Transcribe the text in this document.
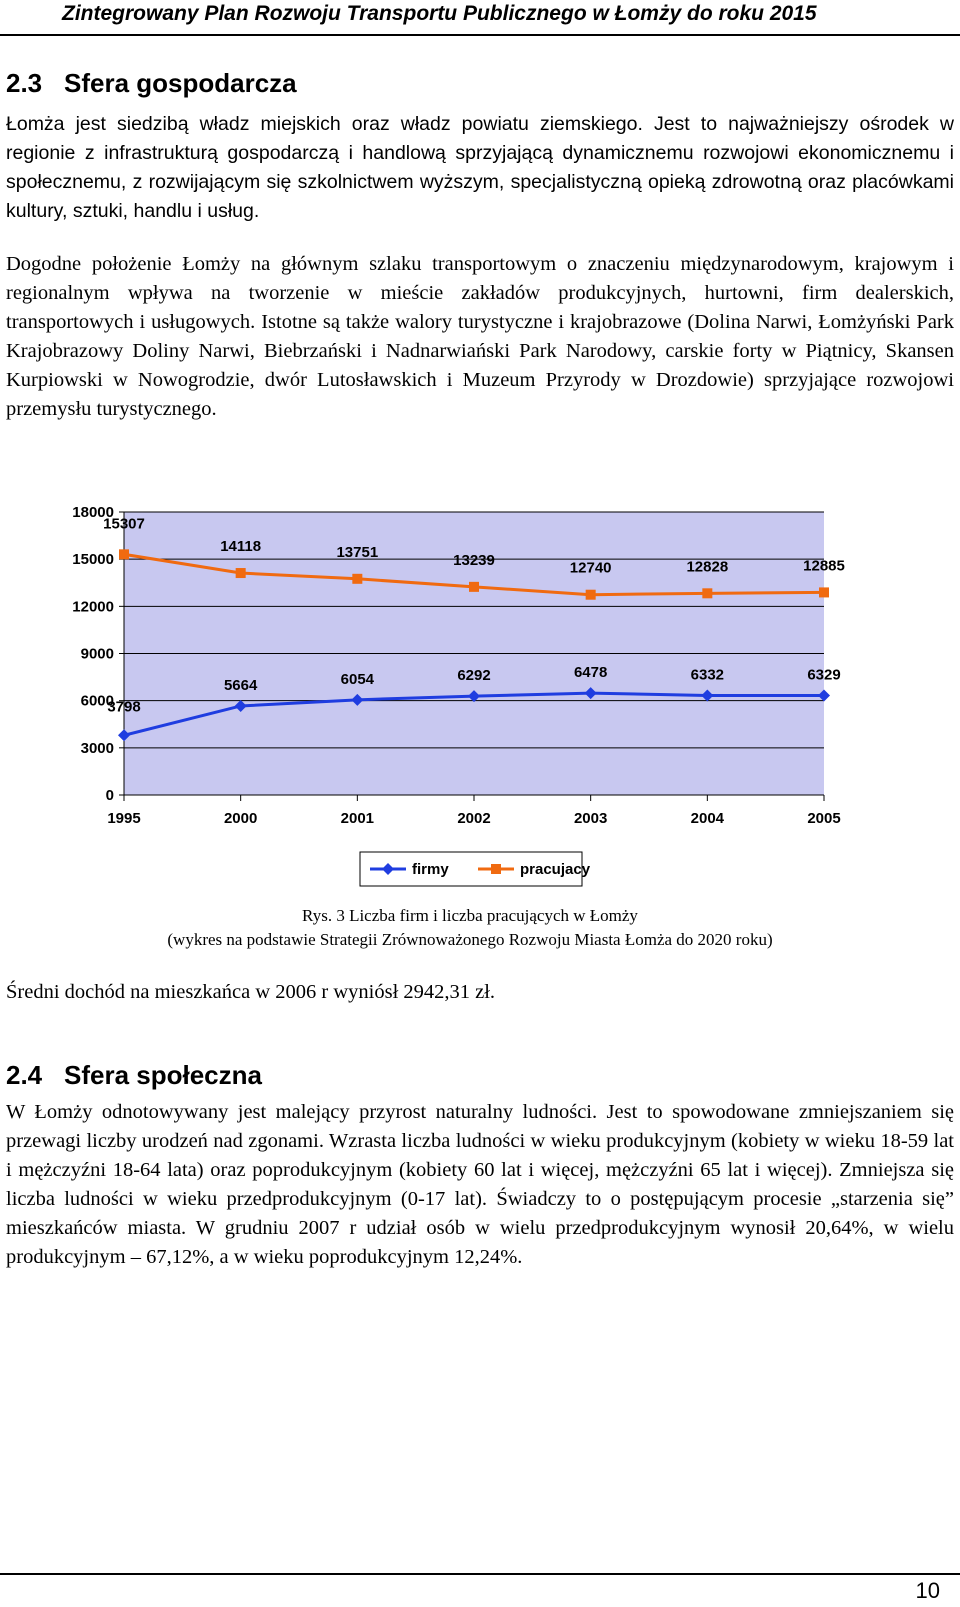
Zintegrowany Plan Rozwoju Transportu Publicznego w Łomży do roku 2015
2.3 Sfera gospodarcza
Łomża jest siedzibą władz miejskich oraz władz powiatu ziemskiego. Jest to najważniejszy ośrodek w regionie z infrastrukturą gospodarczą i handlową sprzyjającą dynamicznemu rozwojowi ekonomicznemu i społecznemu, z rozwijającym się szkolnictwem wyższym, specjalistyczną opieką zdrowotną oraz placówkami kultury, sztuki, handlu i usług.
Dogodne położenie Łomży na głównym szlaku transportowym o znaczeniu międzynarodowym, krajowym i regionalnym wpływa na tworzenie w mieście zakładów produkcyjnych, hurtowni, firm dealerskich, transportowych i usługowych. Istotne są także walory turystyczne i krajobrazowe (Dolina Narwi, Łomżyński Park Krajobrazowy Doliny Narwi, Biebrzański i Nadnarwiański Park Narodowy, carskie forty w Piątnicy, Skansen Kurpiowski w Nowogrodzie, dwór Lutosławskich i Muzeum Przyrody w Drozdowie) sprzyjające rozwojowi przemysłu turystycznego.
0
3000
6000
9000
12000
15000
18000
1995	2000	2001	2002	2003	2004	2005
3798
5664	6054	6292	6478	6332	6329
15307
14118	13751	13239	12740	12828	12885
firmy	pracujacy
Rys. 3 Liczba firm i liczba pracujących w Łomży
(wykres na podstawie Strategii Zrównoważonego Rozwoju Miasta Łomża do 2020 roku)
Średni dochód na mieszkańca w 2006 r wyniósł 2942,31 zł.
2.4 Sfera społeczna
W Łomży odnotowywany jest malejący przyrost naturalny ludności. Jest to spowodowane zmniejszaniem się przewagi liczby urodzeń nad zgonami. Wzrasta liczba ludności w wieku produkcyjnym (kobiety w wieku 18-59 lat i mężczyźni 18-64 lata) oraz poprodukcyjnym (kobiety 60 lat i więcej, mężczyźni 65 lat i więcej). Zmniejsza się liczba ludności w wieku przedprodukcyjnym (0-17 lat). Świadczy to o postępującym procesie „starzenia się” mieszkańców miasta. W grudniu 2007 r udział osób w wielu przedprodukcyjnym wynosił 20,64%, w wielu produkcyjnym – 67,12%, a w wieku poprodukcyjnym 12,24%.
10
